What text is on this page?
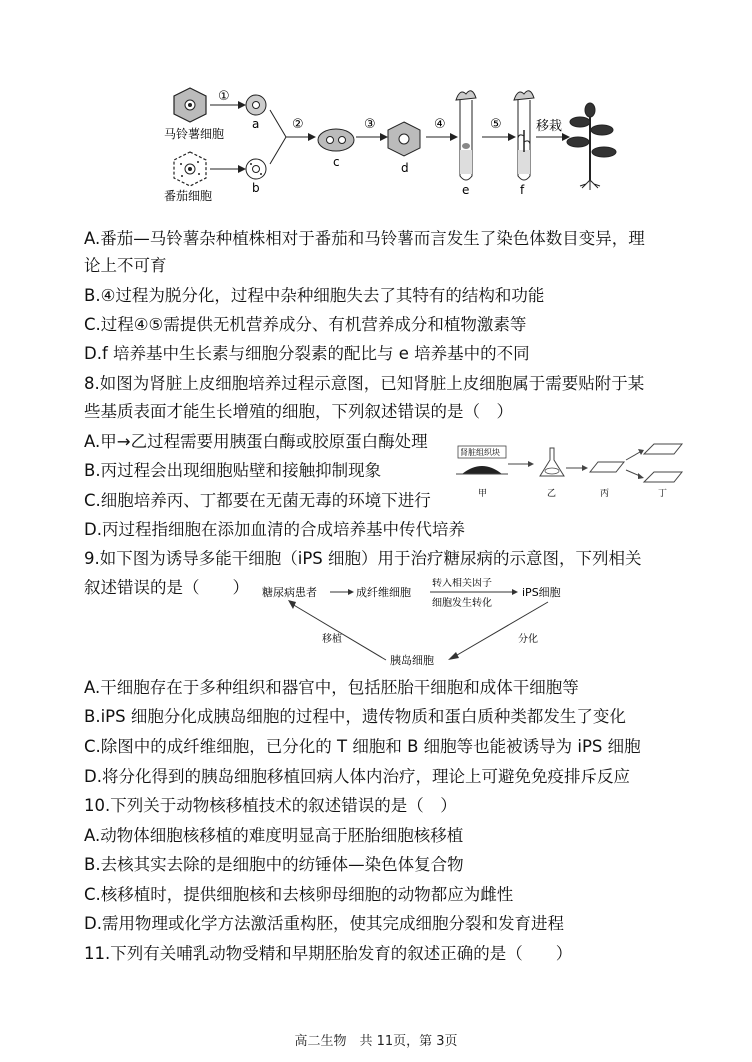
马铃薯细胞
番茄细胞
①
a
b
②
c
③
d
④
e
⑤
f
移栽
A.番茄—马铃薯杂种植株相对于番茄和马铃薯而言发生了染色体数目变异，理
论上不可育
B.④过程为脱分化，过程中杂种细胞失去了其特有的结构和功能
C.过程④⑤需提供无机营养成分、有机营养成分和植物激素等
D.f 培养基中生长素与细胞分裂素的配比与 e 培养基中的不同
8.如图为肾脏上皮细胞培养过程示意图，已知肾脏上皮细胞属于需要贴附于某
些基质表面才能生长增殖的细胞，下列叙述错误的是（　）
A.甲→乙过程需要用胰蛋白酶或胶原蛋白酶处理
B.丙过程会出现细胞贴壁和接触抑制现象
C.细胞培养丙、丁都要在无菌无毒的环境下进行
D.丙过程指细胞在添加血清的合成培养基中传代培养
肾脏组织块
甲	乙	丙	丁
9.如下图为诱导多能干细胞（iPS 细胞）用于治疗糖尿病的示意图，下列相关
叙述错误的是（　　）	糖尿病患者	成纤维细胞
转入相关因子
细胞发生转化
iPS细胞
分化
胰岛细胞
移植
A.干细胞存在于多种组织和器官中，包括胚胎干细胞和成体干细胞等
B.iPS 细胞分化成胰岛细胞的过程中，遗传物质和蛋白质种类都发生了变化
C.除图中的成纤维细胞，已分化的 T 细胞和 B 细胞等也能被诱导为 iPS 细胞
D.将分化得到的胰岛细胞移植回病人体内治疗，理论上可避免免疫排斥反应
10.下列关于动物核移植技术的叙述错误的是（　）
A.动物体细胞核移植的难度明显高于胚胎细胞核移植
B.去核其实去除的是细胞中的纺锤体—染色体复合物
C.核移植时，提供细胞核和去核卵母细胞的动物都应为雌性
D.需用物理或化学方法激活重构胚，使其完成细胞分裂和发育进程
11.下列有关哺乳动物受精和早期胚胎发育的叙述正确的是（　　）
高二生物　共 11页，第 3页
